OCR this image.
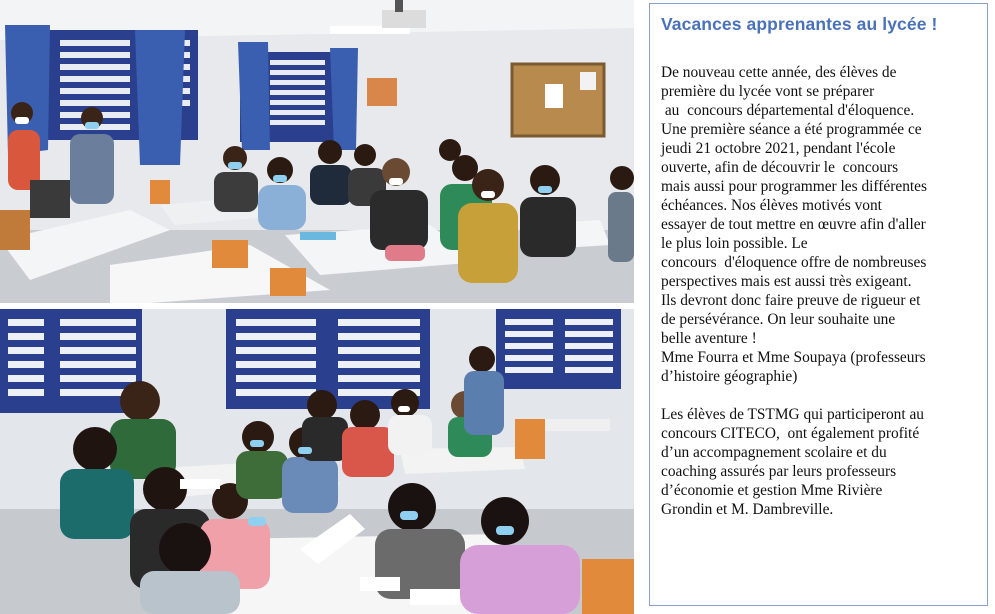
Vacances apprenantes au lycée !
De nouveau cette année, des élèves de
première du lycée vont se préparer
au  concours départemental d'éloquence.
Une première séance a été programmée ce
jeudi 21 octobre 2021, pendant l'école
ouverte, afin de découvrir le  concours
mais aussi pour programmer les différentes
échéances. Nos élèves motivés vont
essayer de tout mettre en œuvre afin d'aller
le plus loin possible. Le
concours  d'éloquence offre de nombreuses
perspectives mais est aussi très exigeant.
Ils devront donc faire preuve de rigueur et
de persévérance. On leur souhaite une
belle aventure !
Mme Fourra et Mme Soupaya (professeurs
d’histoire géographie)
Les élèves de TSTMG qui participeront au
concours CITECO,  ont également profité
d’un accompagnement scolaire et du
coaching assurés par leurs professeurs
d’économie et gestion Mme Rivière
Grondin et M. Dambreville.
